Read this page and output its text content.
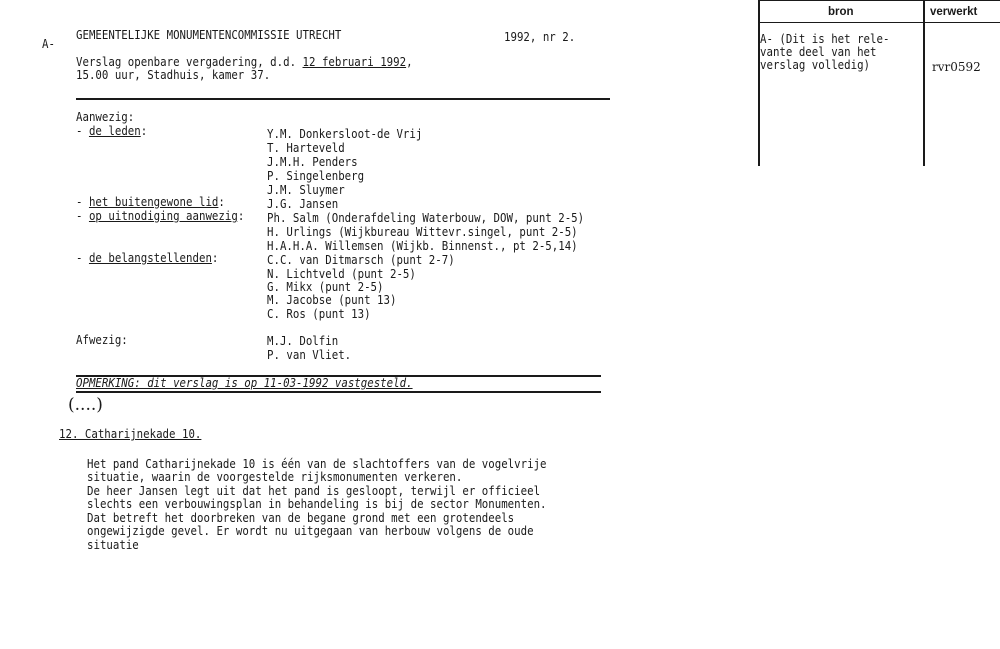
A-
GEMEENTELIJKE MONUMENTENCOMMISSIE UTRECHT	1992, nr 2.
Verslag openbare vergadering, d.d. 12 februari 1992,
15.00 uur, Stadhuis, kamer 37.
Aanwezig:
- de leden:	Y.M. Donkersloot-de Vrij
T. Harteveld
J.M.H. Penders
P. Singelenberg
J.M. Sluymer
- het buitengewone lid:	J.G. Jansen
- op uitnodiging aanwezig: Ph. Salm (Onderafdeling Waterbouw, DOW, punt 2-5)
H. Urlings (Wijkbureau Wittevr.singel, punt 2-5)
H.A.H.A. Willemsen (Wijkb. Binnenst., pt 2-5,14)
- de belangstellenden:	C.C. van Ditmarsch (punt 2-7)
N. Lichtveld (punt 2-5)
G. Mikx (punt 2-5)
M. Jacobse (punt 13)
C. Ros (punt 13)
Afwezig:	M.J. Dolfin
P. van Vliet.
OPMERKING: dit verslag is op 11-03-1992 vastgesteld.
(....)
12. Catharijnekade 10.
Het pand Catharijnekade 10 is één van de slachtoffers van de vogelvrije
situatie, waarin de voorgestelde rijksmonumenten verkeren.
De heer Jansen legt uit dat het pand is gesloopt, terwijl er officieel
slechts een verbouwingsplan in behandeling is bij de sector Monumenten.
Dat betreft het doorbreken van de begane grond met een grotendeels
ongewijzigde gevel. Er wordt nu uitgegaan van herbouw volgens de oude
situatie
bron	verwerkt
A- (Dit is het rele-
vante deel van het
verslag volledig)	rvr0592
